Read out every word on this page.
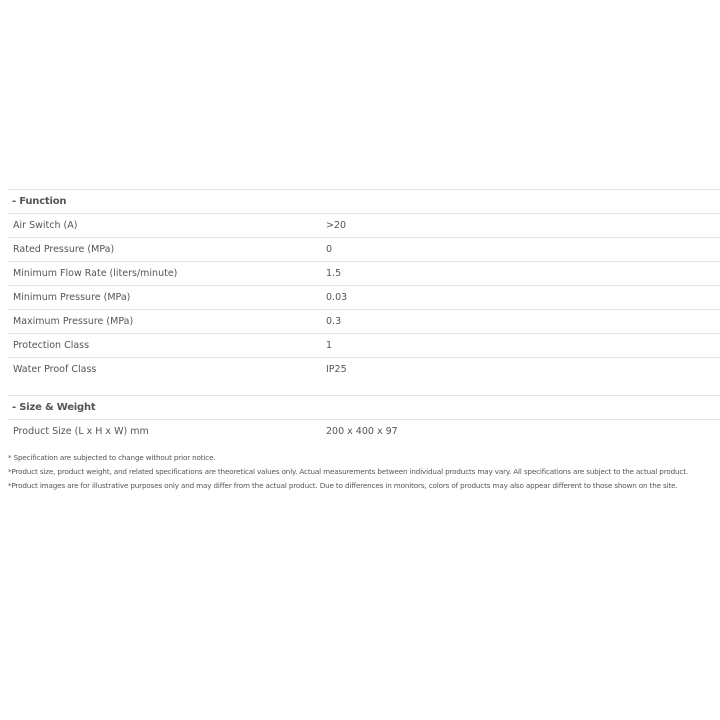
- Function
Air Switch (A)	>20
Rated Pressure (MPa)	0
Minimum Flow Rate (liters/minute)	1.5
Minimum Pressure (MPa)	0.03
Maximum Pressure (MPa)	0.3
Protection Class	1
Water Proof Class	IP25
- Size & Weight
Product Size (L x H x W) mm	200 x 400 x 97

* Specification are subjected to change without prior notice.

*Product size, product weight, and related specifications are theoretical values only. Actual measurements between individual products may vary. All specifications are subject to the actual product.

*Product images are for illustrative purposes only and may differ from the actual product. Due to differences in monitors, colors of products may also appear different to those shown on the site.
